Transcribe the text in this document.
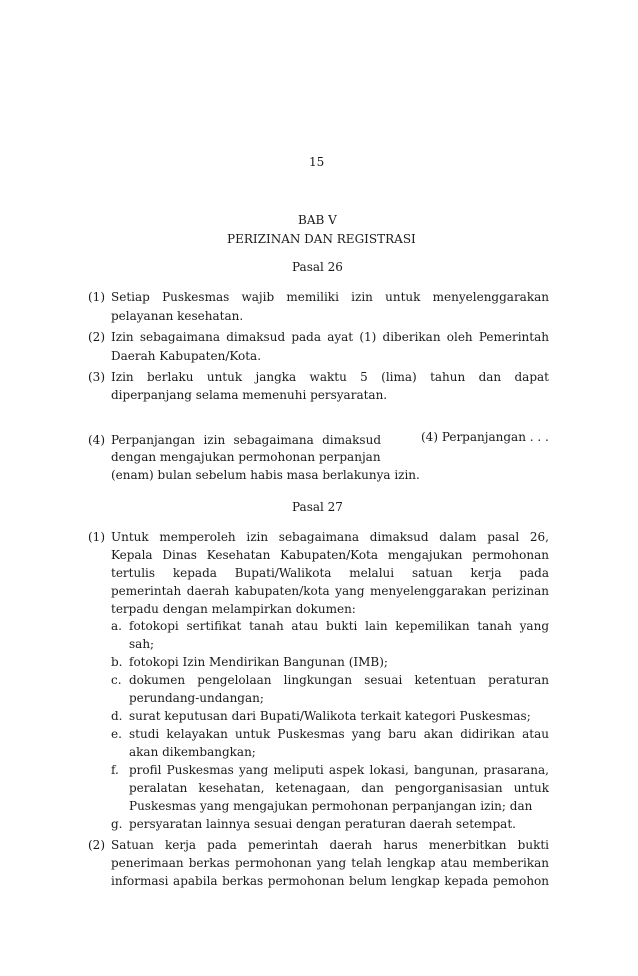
15
BAB V
PERIZINAN DAN REGISTRASI
Pasal 26
(1) Setiap Puskesmas wajib memiliki izin untuk menyelenggarakan
pelayanan kesehatan.
(2) Izin sebagaimana dimaksud pada ayat (1) diberikan oleh Pemerintah
Daerah Kabupaten/Kota.
(3) Izin berlaku untuk jangka waktu 5 (lima) tahun dan dapat
diperpanjang selama memenuhi persyaratan.
(4) Perpanjangan izin sebagaimana dimaksud	(4) Perpanjangan . . .
dengan mengajukan permohonan perpanjan
(enam) bulan sebelum habis masa berlakunya izin.
Pasal 27
(1) Untuk memperoleh izin sebagaimana dimaksud dalam pasal 26,
Kepala Dinas Kesehatan Kabupaten/Kota mengajukan permohonan
tertulis kepada Bupati/Walikota melalui satuan kerja pada
pemerintah daerah kabupaten/kota yang menyelenggarakan perizinan
terpadu dengan melampirkan dokumen:
a. fotokopi sertifikat tanah atau bukti lain kepemilikan tanah yang
sah;
b. fotokopi Izin Mendirikan Bangunan (IMB);
c. dokumen pengelolaan lingkungan sesuai ketentuan peraturan
perundang-undangan;
d. surat keputusan dari Bupati/Walikota terkait kategori Puskesmas;
e. studi kelayakan untuk Puskesmas yang baru akan didirikan atau
akan dikembangkan;
f. profil Puskesmas yang meliputi aspek lokasi, bangunan, prasarana,
peralatan kesehatan, ketenagaan, dan pengorganisasian untuk
Puskesmas yang mengajukan permohonan perpanjangan izin; dan
g. persyaratan lainnya sesuai dengan peraturan daerah setempat.
(2) Satuan kerja pada pemerintah daerah harus menerbitkan bukti
penerimaan berkas permohonan yang telah lengkap atau memberikan
informasi apabila berkas permohonan belum lengkap kepada pemohon
